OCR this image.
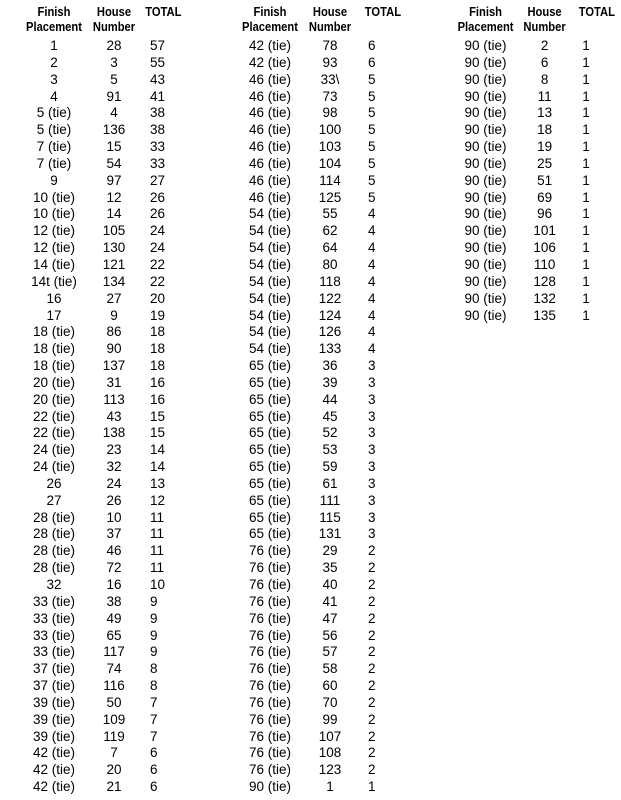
Finish Placement	House Number	TOTAL
1	28	57
2	3	55
3	5	43
4	91	41
5 (tie)	4	38
5 (tie)	136	38
7 (tie)	15	33
7 (tie)	54	33
9	97	27
10 (tie)	12	26
10 (tie)	14	26
12 (tie)	105	24
12 (tie)	130	24
14 (tie)	121	22
14t (tie)	134	22
16	27	20
17	9	19
18 (tie)	86	18
18 (tie)	90	18
18 (tie)	137	18
20 (tie)	31	16
20 (tie)	113	16
22 (tie)	43	15
22 (tie)	138	15
24 (tie)	23	14
24 (tie)	32	14
26	24	13
27	26	12
28 (tie)	10	11
28 (tie)	37	11
28 (tie)	46	11
28 (tie)	72	11
32	16	10
33 (tie)	38	9
33 (tie)	49	9
33 (tie)	65	9
33 (tie)	117	9
37 (tie)	74	8
37 (tie)	116	8
39 (tie)	50	7
39 (tie)	109	7
39 (tie)	119	7
42 (tie)	7	6
42 (tie)	20	6
42 (tie)	21	6
Finish Placement	House Number	TOTAL
42 (tie)	78	6
42 (tie)	93	6
46 (tie)	33\	5
46 (tie)	73	5
46 (tie)	98	5
46 (tie)	100	5
46 (tie)	103	5
46 (tie)	104	5
46 (tie)	114	5
46 (tie)	125	5
54 (tie)	55	4
54 (tie)	62	4
54 (tie)	64	4
54 (tie)	80	4
54 (tie)	118	4
54 (tie)	122	4
54 (tie)	124	4
54 (tie)	126	4
54 (tie)	133	4
65 (tie)	36	3
65 (tie)	39	3
65 (tie)	44	3
65 (tie)	45	3
65 (tie)	52	3
65 (tie)	53	3
65 (tie)	59	3
65 (tie)	61	3
65 (tie)	111	3
65 (tie)	115	3
65 (tie)	131	3
76 (tie)	29	2
76 (tie)	35	2
76 (tie)	40	2
76 (tie)	41	2
76 (tie)	47	2
76 (tie)	56	2
76 (tie)	57	2
76 (tie)	58	2
76 (tie)	60	2
76 (tie)	70	2
76 (tie)	99	2
76 (tie)	107	2
76 (tie)	108	2
76 (tie)	123	2
90 (tie)	1	1
Finish Placement	House Number	TOTAL
90 (tie)	2	1
90 (tie)	6	1
90 (tie)	8	1
90 (tie)	11	1
90 (tie)	13	1
90 (tie)	18	1
90 (tie)	19	1
90 (tie)	25	1
90 (tie)	51	1
90 (tie)	69	1
90 (tie)	96	1
90 (tie)	101	1
90 (tie)	106	1
90 (tie)	110	1
90 (tie)	128	1
90 (tie)	132	1
90 (tie)	135	1
